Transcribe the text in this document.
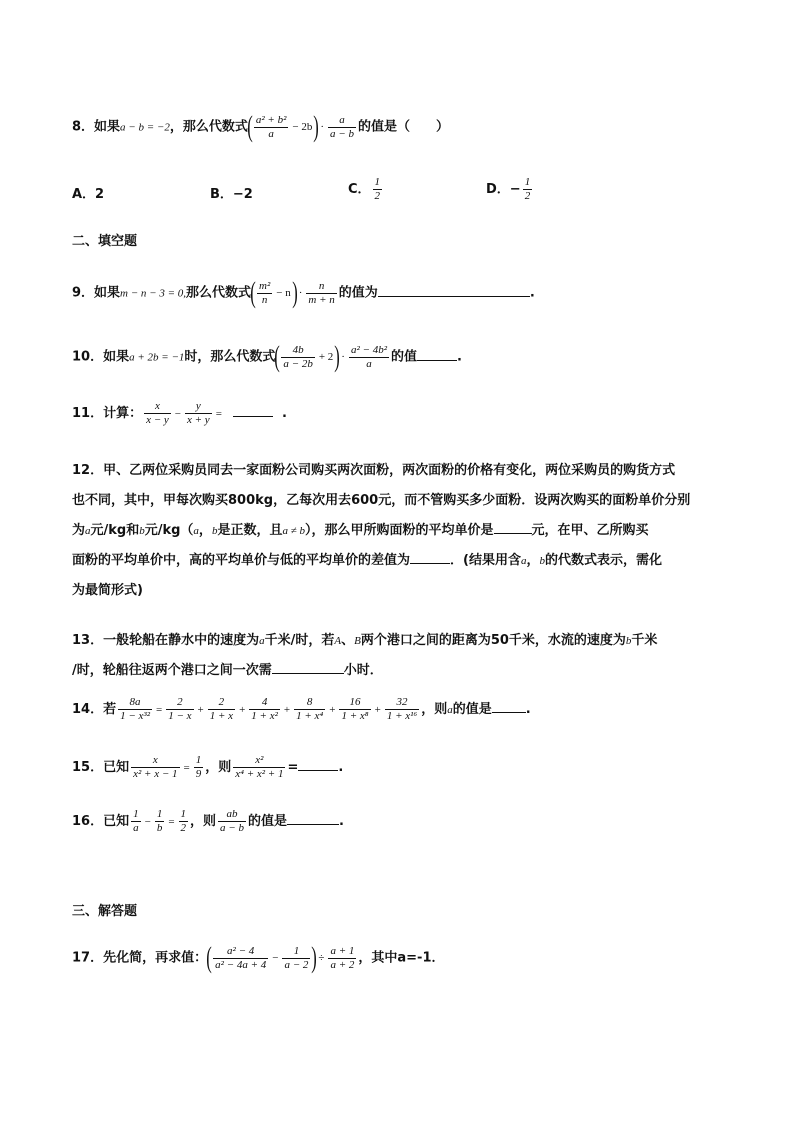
8．如果a − b = −2，那么代数式( $\frac{\text{a² + b²}}{a} - 2b)\cdot \frac{a}{a - b}$ 的值是（　　）
A．2	B．−2	C． $\frac{1}{2}$	D．− $\frac{1}{2}$
二、填空题
9．如果m − n − 3 = 0,那么代数式( $\frac{\text{m²}}{n} - n)\cdot \frac{n}{m + n}$ 的值为	.
10．如果a + 2b = −1时，那么代数式( $\frac{4b}{a - 2b} + 2)\cdot \frac{\text{a² − 4b²}}{a}$ 的值	.
11．计算： $\frac{x}{x - y} - \frac{y}{x + y}$ =	.
12．甲、乙两位采购员同去一家面粉公司购买两次面粉，两次面粉的价格有变化，两位采购员的购货方式
也不同，其中，甲每次购买800kg，乙每次用去600元，而不管购买多少面粉．设两次购买的面粉单价分别
为a元/kg和b元/kg（a，b是正数，且a ≠ b），那么甲所购面粉的平均单价是	元，在甲、乙所购买
面粉的平均单价中，高的平均单价与低的平均单价的差值为	．(结果用含a，b的代数式表示，需化
为最简形式)
13．一般轮船在静水中的速度为a千米/时，若A、B两个港口之间的距离为50千米，水流的速度为b千米
/时，轮船往返两个港口之间一次需	小时．
14．若 $\frac{8a}{\text{1 − x³²}} = \frac{2}{1 - x} + \frac{2}{1 + x} + \frac{4}{\text{1 + x²}} + \frac{8}{\text{1 + x⁴}} + \frac{16}{\text{1 + x⁸}} + \frac{32}{\text{1 + x¹⁶}}$ ，则a的值是	.
15．已知 $\frac{x}{\text{x² + x − 1}} = \frac{1}{9}$ ，则 $\frac{\text{x²}}{\text{x⁴ + x² + 1}}$ =	.
16．已知 $\frac{1}{a} - \frac{1}{b} = \frac{1}{2}$ ，则 $\frac{ab}{a - b}$ 的值是	.
三、解答题
17．先化简，再求值：( $\frac{\text{a² − 4}}{\text{a² − 4a + 4}} - \frac{1}{a - 2}$ )÷ $\frac{a + 1}{a + 2}$ ，其中a=-1．
